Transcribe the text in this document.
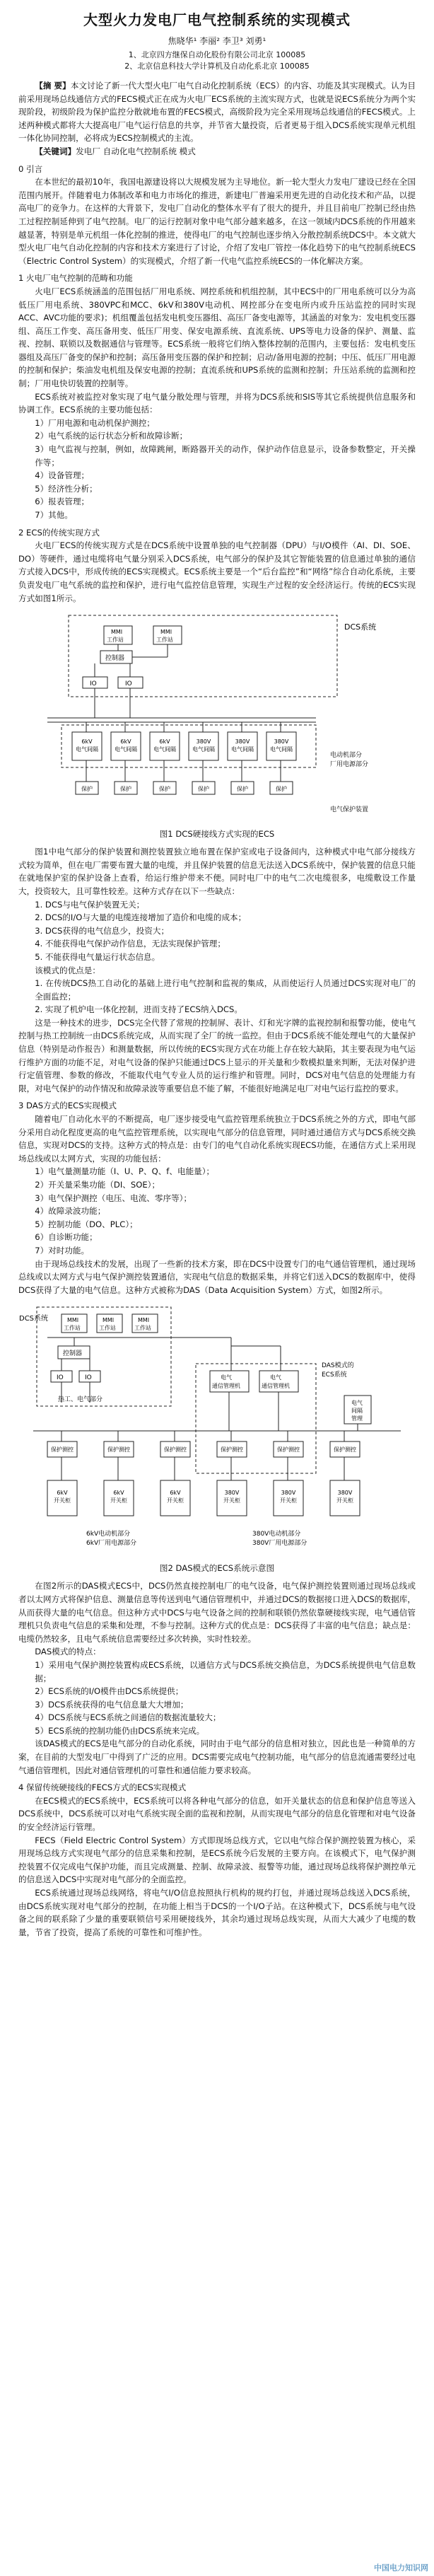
大型火力发电厂电气控制系统的实现模式
焦晓华¹ 李丽² 李卫³ 刘勇¹
1、北京四方继保自动化股份有限公司北京 100085
2、北京信息科技大学计算机及自动化系北京 100085

【摘 要】本文讨论了新一代大型火电厂电气自动化控制系统（ECS）的内容、功能及其实现模式。认为目前采用现场总线通信方式的FECS模式正在成为火电厂ECS系统的主流实现方式，也就是说ECS系统分为两个实现阶段，初级阶段为保护监控分散就地布置的FECS模式，高级阶段为完全采用现场总线通信的FECS模式。上述两种模式都将大大提高电厂电气运行信息的共享，并节省大量投资，后者更易于组入DCS系统实现单元机组一体化协同控制，必将成为ECS控制模式的主流。

【关键词】发电厂 自动化电气控制系统 模式

0 引言

在本世纪的最初10年，我国电源建设将以大规模发展为主导地位。新一轮大型火力发电厂建设已经在全国范围内展开。伴随着电力体制改革和电力市场化的推进，新建电厂普遍采用更先进的自动化技术和产品，以提高电厂的竞争力。在这样的大背景下，发电厂自动化的整体水平有了很大的提升，并且目前电厂控制已经由热工过程控制延伸到了电气控制。电厂的运行控制对象中电气部分越来越多，在这一领域内DCS系统的作用越来越显著，特别是单元机组一体化控制的推进，使得电厂的电气控制也逐步纳入分散控制系统DCS中。本文就大型火电厂电气自动化控制的内容和技术方案进行了讨论，介绍了发电厂管控一体化趋势下的电气控制系统ECS（Electric Control System）的实现模式，介绍了新一代电气监控系统ECS的一体化解决方案。

1 火电厂电气控制的范畴和功能

火电厂ECS系统涵盖的范围包括厂用电系统、网控系统和机组控制，其中ECS中的厂用电系统可以分为高低压厂用电系统、380VPC和MCC、6kV和380V电动机、网控部分在变电所内或升压站监控的同时实现ACC、AVC功能的要求)；机组覆盖包括发电机变压器组、高压厂备变电源等，其涵盖的对象为：发电机变压器组、高压工作变、高压备用变、低压厂用变、保安电源系统、直流系统、UPS等电力设备的保护、测量、监视、控制、联锁以及数据通信与管理等。ECS系统一般将它们纳入整体控制的范围内，主要包括：发电机变压器组及高压厂备变的保护和控制；高压备用变压器的保护和控制；启动/备用电源的控制；中压、低压厂用电源的控制和保护；柴油发电机组及保安电源的控制；直流系统和UPS系统的监测和控制；升压站系统的监测和控制；厂用电快切装置的控制等。

ECS系统对被监控对象实现了电气量分散处理与管理，并将为DCS系统和SIS等其它系统提供信息服务和协调工作。ECS系统的主要功能包括：

1）厂用电源和电动机保护测控；

2）电气系统的运行状态分析和故障诊断；

3）电气监视与控制，例如，故障跳闸，断路器开关的动作，保护动作信息显示，设备参数整定，开关操作等；

4）设备管理；

5）经济性分析；

6）报表管理；

7）其他。

2 ECS的传统实现方式

火电厂ECS的传统实现方式是在DCS系统中设置单独的电气控制器（DPU）与I/O模件（AI、DI、SOE、DO）等硬件，通过电缆将电气量分别采入DCS系统，电气部分的保护及其它智能装置的信息通过单独的通信方式接入DCS中，形成传统的ECS实现模式。ECS系统主要是一个“后台监控”和“网络”综合自动化系统，主要负责发电厂电气系统的监控和保护，进行电气监控信息管理，实现生产过程的安全经济运行。传统的ECS实现方式如图1所示。

6kV
电气间隔
6kV
电气间隔
6kV
电气间隔
380V
电气间隔
380V
电气间隔
380V
电气间隔
保护	保护	保护	保护	保护	保护
DCS系统
MMI	MMI
工作站	工作站
控制器
IO	IO
电动机部分
厂用电源部分
电气保护装置
图1 DCS硬接线方式实现的ECS

图1中电气部分的保护装置和测控装置独立地布置在保护室或电子设备间内，这种模式中电气部分接线方式较为简单，但在电厂需要布置大量的电缆，并且保护装置的信息无法送入DCS系统中，保护装置的信息只能在就地保护室的保护设备上查看，给运行维护带来不便。同时电厂中的电气二次电缆很多，电缆敷设工作量大，投资较大，且可靠性较差。这种方式存在以下一些缺点：

1. DCS与电气保护装置无关；

2. DCS的I/O与大量的电缆连接增加了造价和电缆的成本；

3. DCS获得的电气信息少，投资大；

4. 不能获得电气保护动作信息，无法实现保护管理；

5. 不能获得电气量运行状态信息。

该模式的优点是：

1. 在传统DCS热工自动化的基础上进行电气控制和监视的集成，从而使运行人员通过DCS实现对电厂的全面监控；

2. 实现了机炉电一体化控制，进而支持了ECS纳入DCS。

这是一种技术的进步，DCS完全代替了常规的控制屏、表计、灯和光字牌的监视控制和报警功能，使电气控制与热工控制统一由DCS系统完成，从而实现了全厂的统一监控。但由于DCS系统不能处理电气的大量保护信息（特别是动作报告）和测量数据，所以传统的ECS实现方式在功能上存在较大缺陷，其主要表现为电气运行维护方面的功能不足，对电气设备的保护只能通过DCS上显示的开关量和少数模拟量来判断，无法对保护进行定值管理、参数的修改，不能取代电气专业人员的运行维护和管理。同时，DCS对电气信息的处理能力有限，对电气保护的动作情况和故障录波等重要信息不能了解，不能很好地满足电厂对电气运行监控的要求。

3 DAS方式的ECS实现模式

随着电厂自动化水平的不断提高，电厂逐步接受电气监控管理系统独立于DCS系统之外的方式，即电气部分采用自动化程度更高的电气监控管理系统，以实现电气部分的信息管理，同时通过通信方式与DCS系统交换信息，实现对DCS的支持。这种方式的特点是：由专门的电气自动化系统实现ECS功能，在通信方式上采用现场总线或以太网方式，实现的功能包括：

1）电气量测量功能（I、U、P、Q、f、电能量）；

2）开关量采集功能（DI、SOE）；

3）电气保护测控（电压、电流、零序等）；

4）故障录波功能；

5）控制功能（DO、PLC）；

6）自诊断功能；

7）对时功能。

由于现场总线技术的发展，出现了一些新的技术方案，即在DCS中设置专门的电气通信管理机，通过现场总线或以太网方式与电气保护测控装置通信，实现电气信息的数据采集，并将它们送入DCS的数据库中，使得DCS获得了大量的电气信息。这种方式被称为DAS（Data Acquisition System）方式，如图2所示。

保护测控
6kV
开关柜
保护测控
6kV
开关柜
保护测控
6kV
开关柜
保护测控
380V
开关柜
保护测控
380V
开关柜
保护测控
380V
开关柜
DCS系统	MMI	MMI	MMI
工作站	工作站	工作站
控制器
IO	IO
热工、电气部分
电气
通信管理机
电气
通信管理机
DAS模式的
ECS系统
电气
间隔
管理
6kV电动机部分
6kV厂用电源部分
380V电动机部分
380V厂用电源部分
图2 DAS模式的ECS系统示意图

在图2所示的DAS模式ECS中，DCS仍然直接控制电厂的电气设备，电气保护测控装置则通过现场总线或者以太网方式将保护信息、测量信息等传送到电气通信管理机中，并通过DCS的数据接口进入DCS的数据库，从而获得大量的电气信息。但这种方式中DCS与电气设备之间的控制和联锁仍然依靠硬接线实现，电气通信管理机只负责电气信息的采集和处理，不参与控制。这种方式的优点是：DCS获得了丰富的电气信息；缺点是：电缆仍然较多，且电气系统信息需要经过多次转换，实时性较差。

DAS模式的特点：

1）采用电气保护测控装置构成ECS系统，以通信方式与DCS系统交换信息，为DCS系统提供电气信息数据；

2）ECS系统的I/O模件由DCS系统提供；

3）DCS系统获得的电气信息量大大增加；

4）DCS系统与ECS系统之间通信的数据流量较大；

5）ECS系统的控制功能仍由DCS系统来完成。

该DAS模式的ECS是电气部分的自动化系统，同时由于电气部分的信息相对独立，因此也是一种简单的方案，在目前的大型发电厂中得到了广泛的应用。DCS需要完成电气控制功能，电气部分的信息流通需要经过电气通信管理机，因此对通信管理机的可靠性和通信能力要求较高。

4 保留传统硬接线的FECS方式的ECS实现模式

在ECS模式的ECS系统中，ECS系统可以将各种电气部分的信息，如开关量状态的信息和保护信息等送入DCS系统中，DCS系统可以对电气系统实现全面的监视和控制，从而实现电气部分的信息化管理和对电气设备的安全经济运行管理。

FECS（Field Electric Control System）方式即现场总线方式，它以电气综合保护测控装置为核心，采用现场总线方式实现电气部分的信息采集和控制，是ECS系统今后发展的主要方向。在该模式下，电气保护测控装置不仅完成电气保护功能，而且完成测量、控制、故障录波、报警等功能，通过现场总线将保护测控单元的信息送入DCS中实现对电气部分的全面监控。

ECS系统通过现场总线网络，将电气I/O信息按照执行机构的规约打包，并通过现场总线送入DCS系统，由DCS系统实现对电气部分的控制，在功能上相当于DCS的一个I/O子站。在这种模式下，DCS系统与电气设备之间的联系除了少量的重要联锁信号采用硬接线外，其余均通过现场总线实现，从而大大减少了电缆的数量，节省了投资，提高了系统的可靠性和可维护性。

中国电力知识网
